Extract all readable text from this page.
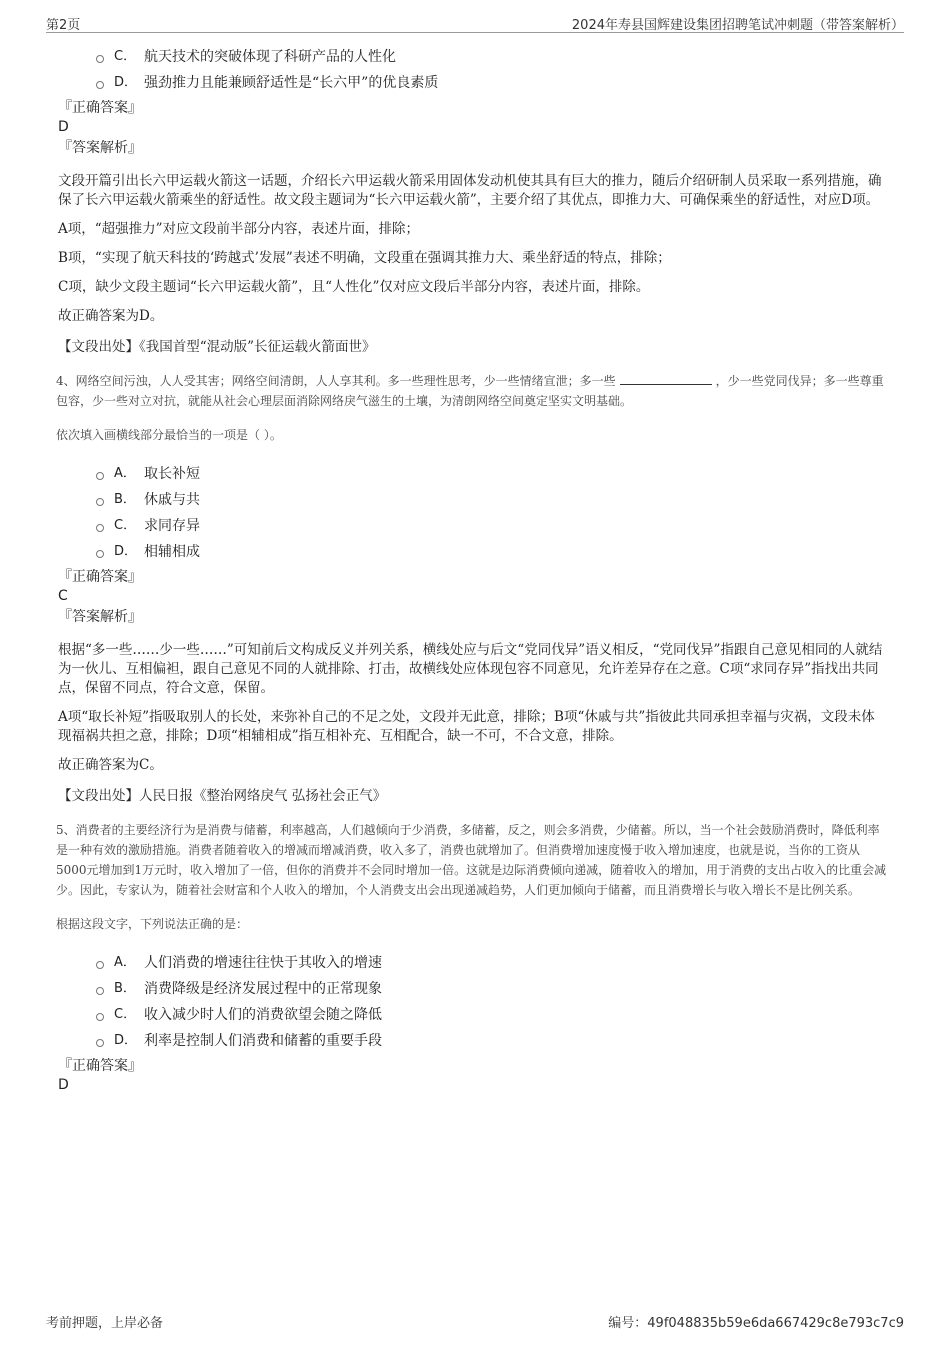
第2页	2024年寿县国辉建设集团招聘笔试冲刺题（带答案解析）
C． 航天技术的突破体现了科研产品的人性化
D． 强劲推力且能兼顾舒适性是“长六甲”的优良素质
『正确答案』
D
『答案解析』
文段开篇引出长六甲运载火箭这一话题，介绍长六甲运载火箭采用固体发动机使其具有巨大的推力，随后介绍研制人员采取一系列措施，确保了长六甲运载火箭乘坐的舒适性。故文段主题词为“长六甲运载火箭”，主要介绍了其优点，即推力大、可确保乘坐的舒适性，对应D项。
A项，“超强推力”对应文段前半部分内容，表述片面，排除；
B项，“实现了航天科技的‘跨越式’发展”表述不明确，文段重在强调其推力大、乘坐舒适的特点，排除；
C项，缺少文段主题词“长六甲运载火箭”，且“人性化”仅对应文段后半部分内容，表述片面，排除。
故正确答案为D。
【文段出处】《我国首型“混动版”长征运载火箭面世》
4、网络空间污浊，人人受其害；网络空间清朗，人人享其利。多一些理性思考，少一些情绪宣泄；多一些	，少一些党同伐异；多一些尊重包容，少一些对立对抗，就能从社会心理层面消除网络戾气滋生的土壤，为清朗网络空间奠定坚实文明基础。
依次填入画横线部分最恰当的一项是（ ）。
A． 取长补短
B． 休戚与共
C． 求同存异
D． 相辅相成
『正确答案』
C
『答案解析』
根据“多一些……少一些……”可知前后文构成反义并列关系，横线处应与后文“党同伐异”语义相反，“党同伐异”指跟自己意见相同的人就结为一伙儿、互相偏袒，跟自己意见不同的人就排除、打击，故横线处应体现包容不同意见，允许差异存在之意。C项“求同存异”指找出共同点，保留不同点，符合文意，保留。
A项“取长补短”指吸取别人的长处，来弥补自己的不足之处，文段并无此意，排除；B项“休戚与共”指彼此共同承担幸福与灾祸，文段未体现福祸共担之意，排除；D项“相辅相成”指互相补充、互相配合，缺一不可，不合文意，排除。
故正确答案为C。
【文段出处】人民日报《整治网络戾气 弘扬社会正气》
5、消费者的主要经济行为是消费与储蓄，利率越高，人们越倾向于少消费，多储蓄，反之，则会多消费，少储蓄。所以，当一个社会鼓励消费时，降低利率是一种有效的激励措施。消费者随着收入的增减而增减消费，收入多了，消费也就增加了。但消费增加速度慢于收入增加速度，也就是说，当你的工资从5000元增加到1万元时，收入增加了一倍，但你的消费并不会同时增加一倍。这就是边际消费倾向递减，随着收入的增加，用于消费的支出占收入的比重会减少。因此，专家认为，随着社会财富和个人收入的增加，个人消费支出会出现递减趋势，人们更加倾向于储蓄，而且消费增长与收入增长不是比例关系。
根据这段文字，下列说法正确的是：
A． 人们消费的增速往往快于其收入的增速
B． 消费降级是经济发展过程中的正常现象
C． 收入减少时人们的消费欲望会随之降低
D． 利率是控制人们消费和储蓄的重要手段
『正确答案』
D
考前押题，上岸必备	编号：49f048835b59e6da667429c8e793c7c9
